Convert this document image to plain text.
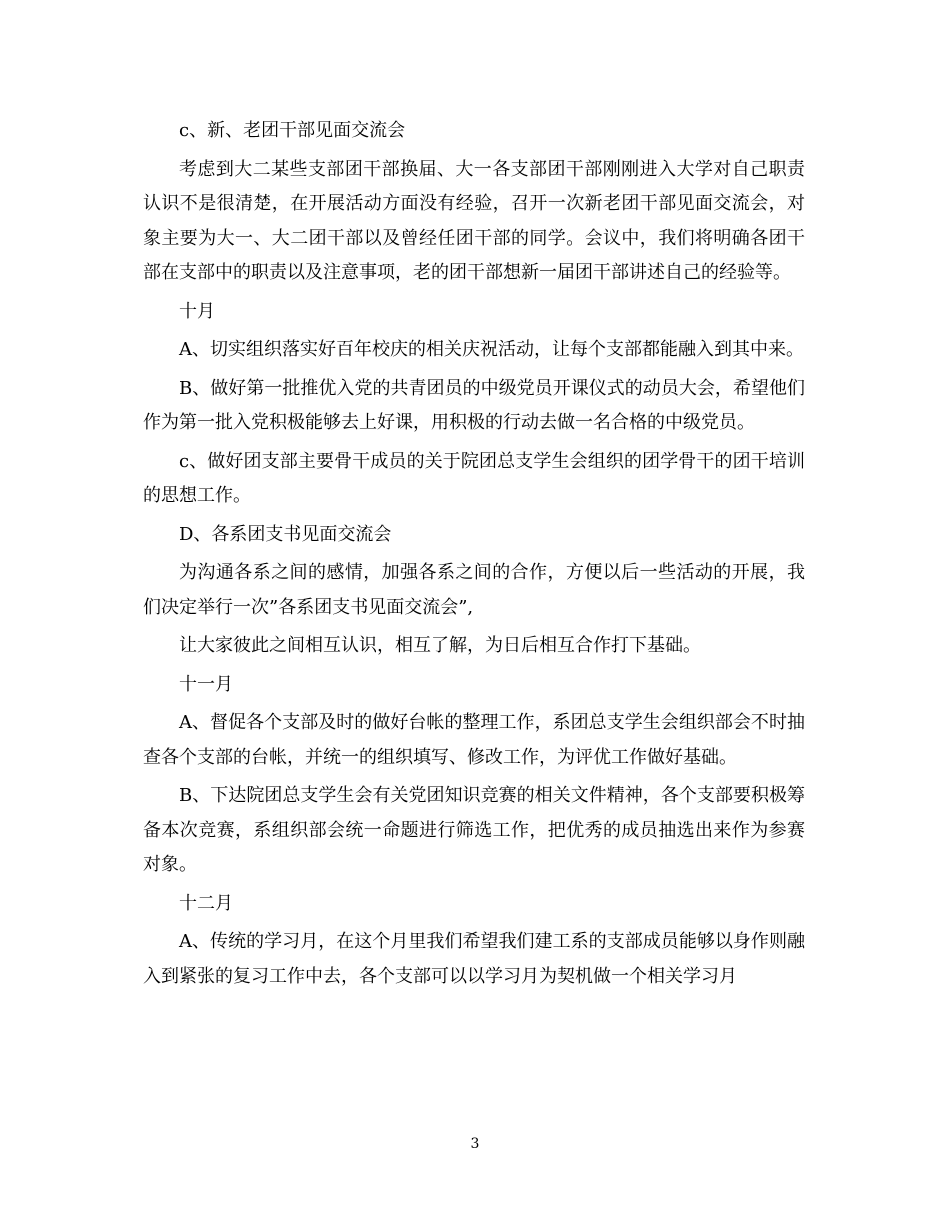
c、新、老团干部见面交流会

考虑到大二某些支部团干部换届、大一各支部团干部刚刚进入大学对自己职责认识不是很清楚，在开展活动方面没有经验，召开一次新老团干部见面交流会，对象主要为大一、大二团干部以及曾经任团干部的同学。会议中，我们将明确各团干部在支部中的职责以及注意事项，老的团干部想新一届团干部讲述自己的经验等。

十月

A、切实组织落实好百年校庆的相关庆祝活动，让每个支部都能融入到其中来。

B、做好第一批推优入党的共青团员的中级党员开课仪式的动员大会，希望他们作为第一批入党积极能够去上好课，用积极的行动去做一名合格的中级党员。

c、做好团支部主要骨干成员的关于院团总支学生会组织的团学骨干的团干培训的思想工作。

D、各系团支书见面交流会

为沟通各系之间的感情，加强各系之间的合作，方便以后一些活动的开展，我们决定举行一次”各系团支书见面交流会”,

让大家彼此之间相互认识，相互了解，为日后相互合作打下基础。

十一月

A、督促各个支部及时的做好台帐的整理工作，系团总支学生会组织部会不时抽查各个支部的台帐，并统一的组织填写、修改工作，为评优工作做好基础。

B、下达院团总支学生会有关党团知识竞赛的相关文件精神，各个支部要积极筹备本次竞赛，系组织部会统一命题进行筛选工作，把优秀的成员抽选出来作为参赛对象。

十二月

A、传统的学习月，在这个月里我们希望我们建工系的支部成员能够以身作则融入到紧张的复习工作中去，各个支部可以以学习月为契机做一个相关学习月

3
